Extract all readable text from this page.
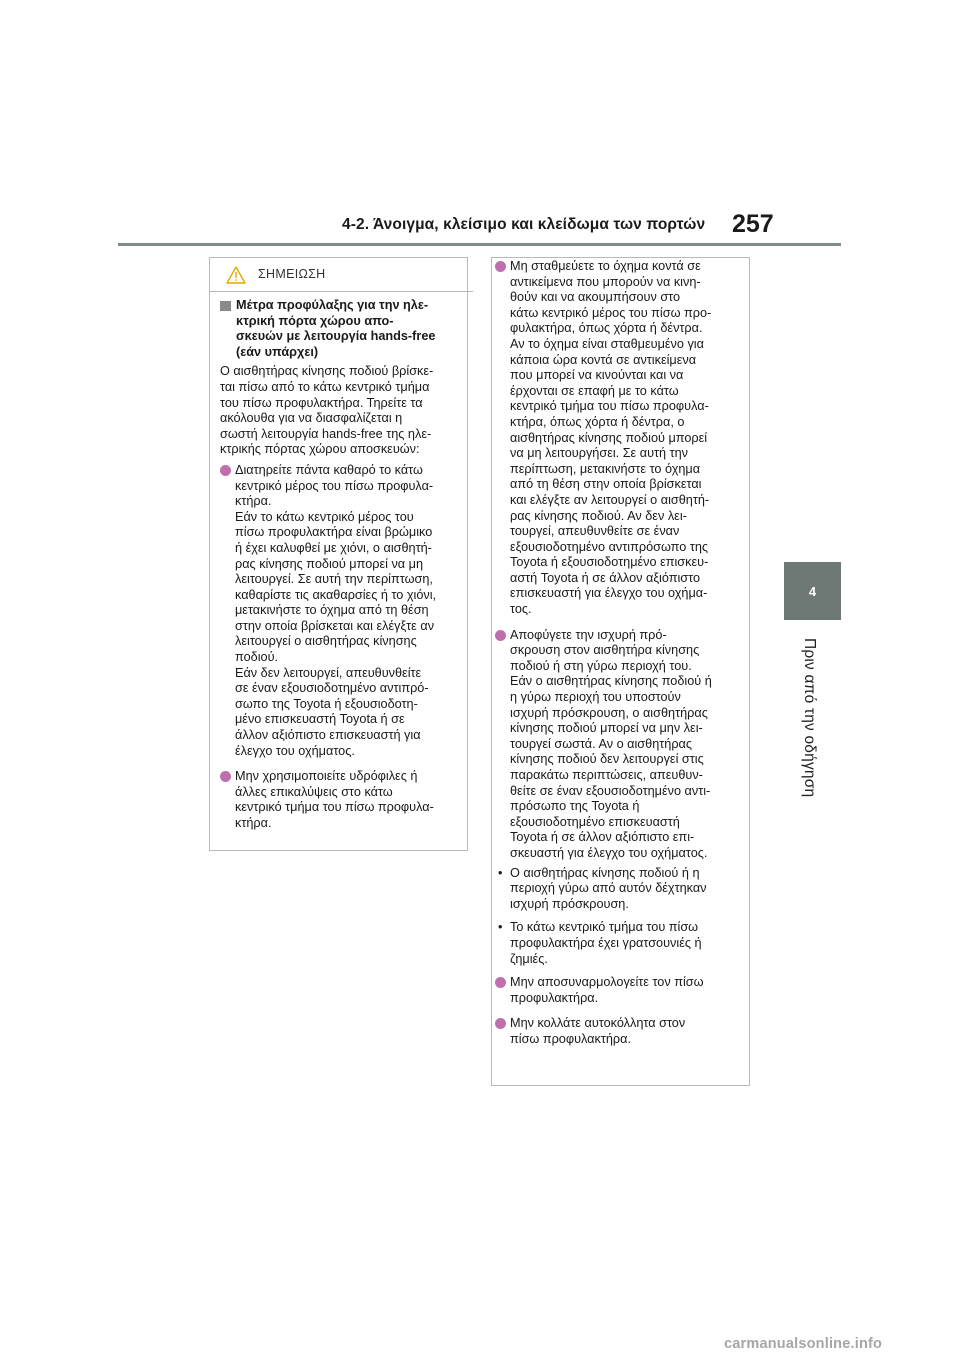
4-2. Άνοιγμα, κλείσιμο και κλείδωμα των πορτών 257
4
Πριν από την οδήγηση
ΣΗΜΕΙΩΣΗ
Μέτρα προφύλαξης για την ηλε-
κτρική πόρτα χώρου απο-
σκευών με λειτουργία hands-free
(εάν υπάρχει)
Ο αισθητήρας κίνησης ποδιού βρίσκε-
ται πίσω από το κάτω κεντρικό τμήμα
του πίσω προφυλακτήρα. Τηρείτε τα
ακόλουθα για να διασφαλίζεται η
σωστή λειτουργία hands-free της ηλε-
κτρικής πόρτας χώρου αποσκευών:
Διατηρείτε πάντα καθαρό το κάτω
κεντρικό μέρος του πίσω προφυλα-
κτήρα.
Εάν το κάτω κεντρικό μέρος του
πίσω προφυλακτήρα είναι βρώμικο
ή έχει καλυφθεί με χιόνι, ο αισθητή-
ρας κίνησης ποδιού μπορεί να μη
λειτουργεί. Σε αυτή την περίπτωση,
καθαρίστε τις ακαθαρσίες ή το χιόνι,
μετακινήστε το όχημα από τη θέση
στην οποία βρίσκεται και ελέγξτε αν
λειτουργεί ο αισθητήρας κίνησης
ποδιού.
Εάν δεν λειτουργεί, απευθυνθείτε
σε έναν εξουσιοδοτημένο αντιπρό-
σωπο της Toyota ή εξουσιοδοτη-
μένο επισκευαστή Toyota ή σε
άλλον αξιόπιστο επισκευαστή για
έλεγχο του οχήματος.
Μην χρησιμοποιείτε υδρόφιλες ή
άλλες επικαλύψεις στο κάτω
κεντρικό τμήμα του πίσω προφυλα-
κτήρα.
Μη σταθμεύετε το όχημα κοντά σε
αντικείμενα που μπορούν να κινη-
θούν και να ακουμπήσουν στο
κάτω κεντρικό μέρος του πίσω προ-
φυλακτήρα, όπως χόρτα ή δέντρα.
Αν το όχημα είναι σταθμευμένο για
κάποια ώρα κοντά σε αντικείμενα
που μπορεί να κινούνται και να
έρχονται σε επαφή με το κάτω
κεντρικό τμήμα του πίσω προφυλα-
κτήρα, όπως χόρτα ή δέντρα, ο
αισθητήρας κίνησης ποδιού μπορεί
να μη λειτουργήσει. Σε αυτή την
περίπτωση, μετακινήστε το όχημα
από τη θέση στην οποία βρίσκεται
και ελέγξτε αν λειτουργεί ο αισθητή-
ρας κίνησης ποδιού. Αν δεν λει-
τουργεί, απευθυνθείτε σε έναν
εξουσιοδοτημένο αντιπρόσωπο της
Toyota ή εξουσιοδοτημένο επισκευ-
αστή Toyota ή σε άλλον αξιόπιστο
επισκευαστή για έλεγχο του οχήμα-
τος.
Αποφύγετε την ισχυρή πρό-
σκρουση στον αισθητήρα κίνησης
ποδιού ή στη γύρω περιοχή του.
Εάν ο αισθητήρας κίνησης ποδιού ή
η γύρω περιοχή του υποστούν
ισχυρή πρόσκρουση, ο αισθητήρας
κίνησης ποδιού μπορεί να μην λει-
τουργεί σωστά. Αν ο αισθητήρας
κίνησης ποδιού δεν λειτουργεί στις
παρακάτω περιπτώσεις, απευθυν-
θείτε σε έναν εξουσιοδοτημένο αντι-
πρόσωπο της Toyota ή
εξουσιοδοτημένο επισκευαστή
Toyota ή σε άλλον αξιόπιστο επι-
σκευαστή για έλεγχο του οχήματος.
• Ο αισθητήρας κίνησης ποδιού ή η
περιοχή γύρω από αυτόν δέχτηκαν
ισχυρή πρόσκρουση.
• Το κάτω κεντρικό τμήμα του πίσω
προφυλακτήρα έχει γρατσουνιές ή
ζημιές.
Μην αποσυναρμολογείτε τον πίσω
προφυλακτήρα.
Μην κολλάτε αυτοκόλλητα στον
πίσω προφυλακτήρα.
carmanualsonline.info
